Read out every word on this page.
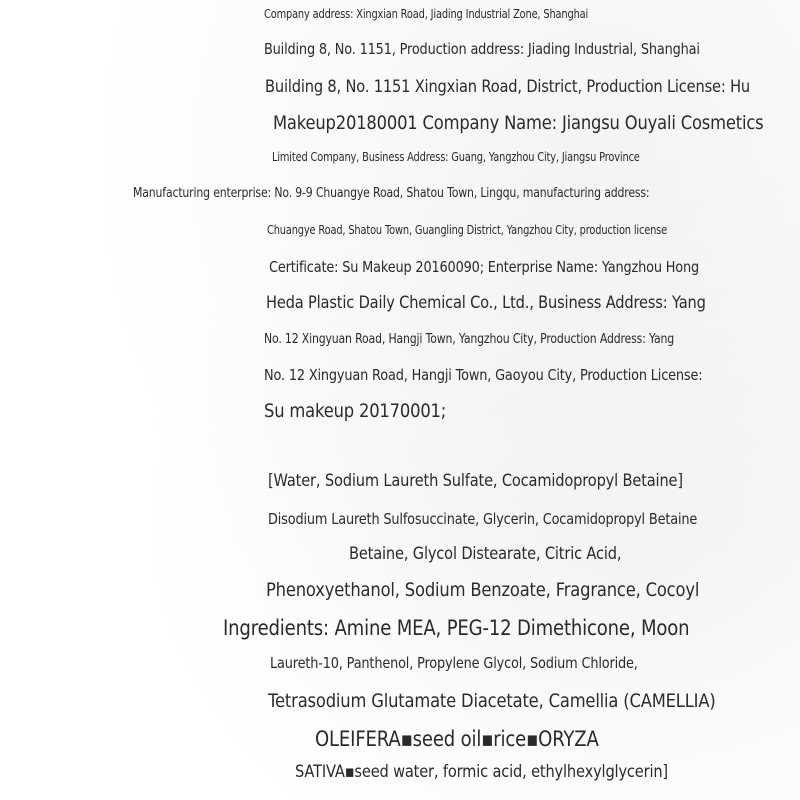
Company address: Xingxian Road, Jiading Industrial Zone, Shanghai
Building 8, No. 1151, Production address: Jiading Industrial, Shanghai
Building 8, No. 1151 Xingxian Road, District, Production License: Hu
Makeup20180001 Company Name: Jiangsu Ouyali Cosmetics
Limited Company, Business Address: Guang, Yangzhou City, Jiangsu Province
Manufacturing enterprise: No. 9-9 Chuangye Road, Shatou Town, Lingqu, manufacturing address:
Chuangye Road, Shatou Town, Guangling District, Yangzhou City, production license
Certificate: Su Makeup 20160090; Enterprise Name: Yangzhou Hong
Heda Plastic Daily Chemical Co., Ltd., Business Address: Yang
No. 12 Xingyuan Road, Hangji Town, Yangzhou City, Production Address: Yang
No. 12 Xingyuan Road, Hangji Town, Gaoyou City, Production License:
Su makeup 20170001;
[Water, Sodium Laureth Sulfate, Cocamidopropyl Betaine]
Disodium Laureth Sulfosuccinate, Glycerin, Cocamidopropyl Betaine
Betaine, Glycol Distearate, Citric Acid,
Phenoxyethanol, Sodium Benzoate, Fragrance, Cocoyl
Ingredients: Amine MEA, PEG-12 Dimethicone, Moon
Laureth-10, Panthenol, Propylene Glycol, Sodium Chloride,
Tetrasodium Glutamate Diacetate, Camellia (CAMELLIA)
OLEIFERA▪seed oil▪rice▪ORYZA
SATIVA▪seed water, formic acid, ethylhexylglycerin]
